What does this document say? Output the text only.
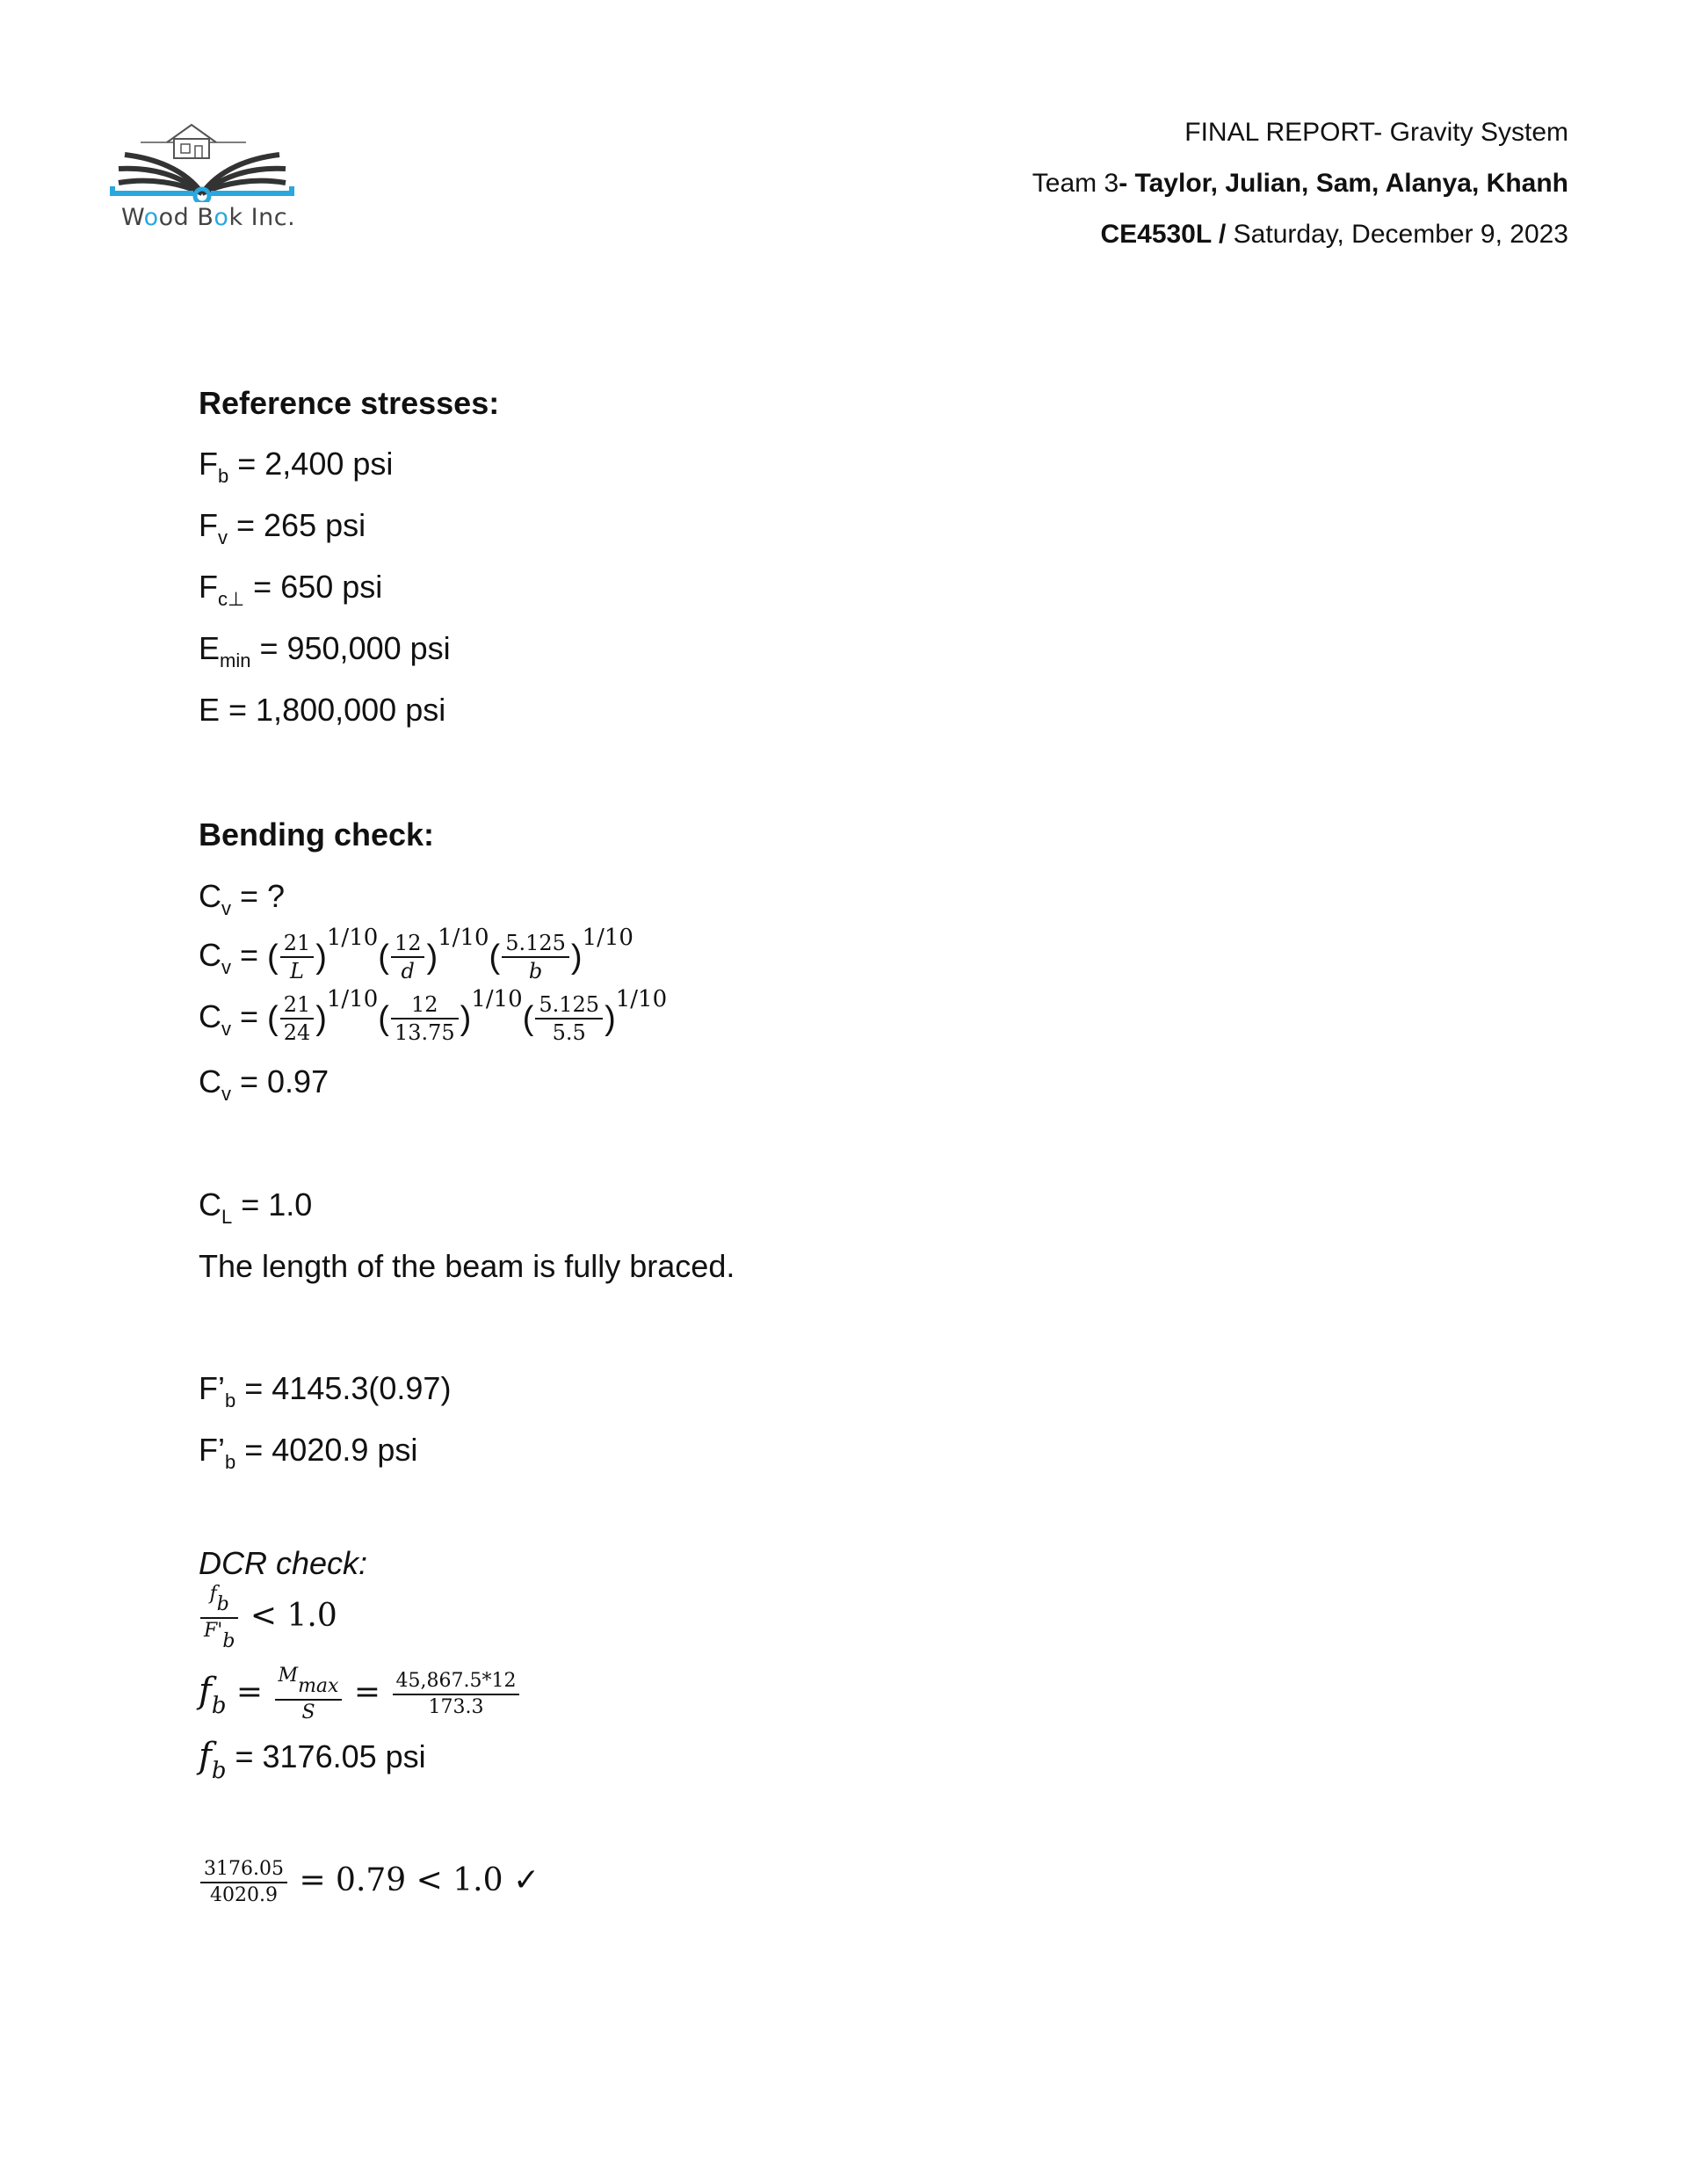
Wood Bok Inc.
FINAL REPORT- Gravity System
Team 3- Taylor, Julian, Sam, Alanya, Khanh
CE4530L / Saturday, December 9, 2023
Reference stresses:
$F_b = 2,400$ psi
$F_v = 265$ psi
$F_{c\perp} = 650$ psi
$E_{min} = 950,000$ psi
E = 1,800,000 psi
Bending check:
$C_v$ = ?
$C_v$ = ( $\frac{21}{L} )^{1/10}( \frac{12}{d} )^{1/10}( \frac{5.125}{b} )^{1/10}$
$C_v$ = ( $\frac{21}{24} )^{1/10}( \frac{12}{13.75} )^{1/10}( \frac{5.125}{5.5} )^{1/10}$
$C_v = 0.97$
$C_L = 1.0$
The length of the beam is fully braced.
$F’_b = 4145.3(0.97)$
$F’_b = 4020.9$ psi
DCR check:
$\frac{fb}{F'b} < 1.0$
$f_b = \frac{Mmax}{S} = \frac{45,867.5*12}{173.3}$
$f_b = 3176.05$ psi
$\frac{3176.05}{4020.9} = 0.79 < 1.0$ ✓
